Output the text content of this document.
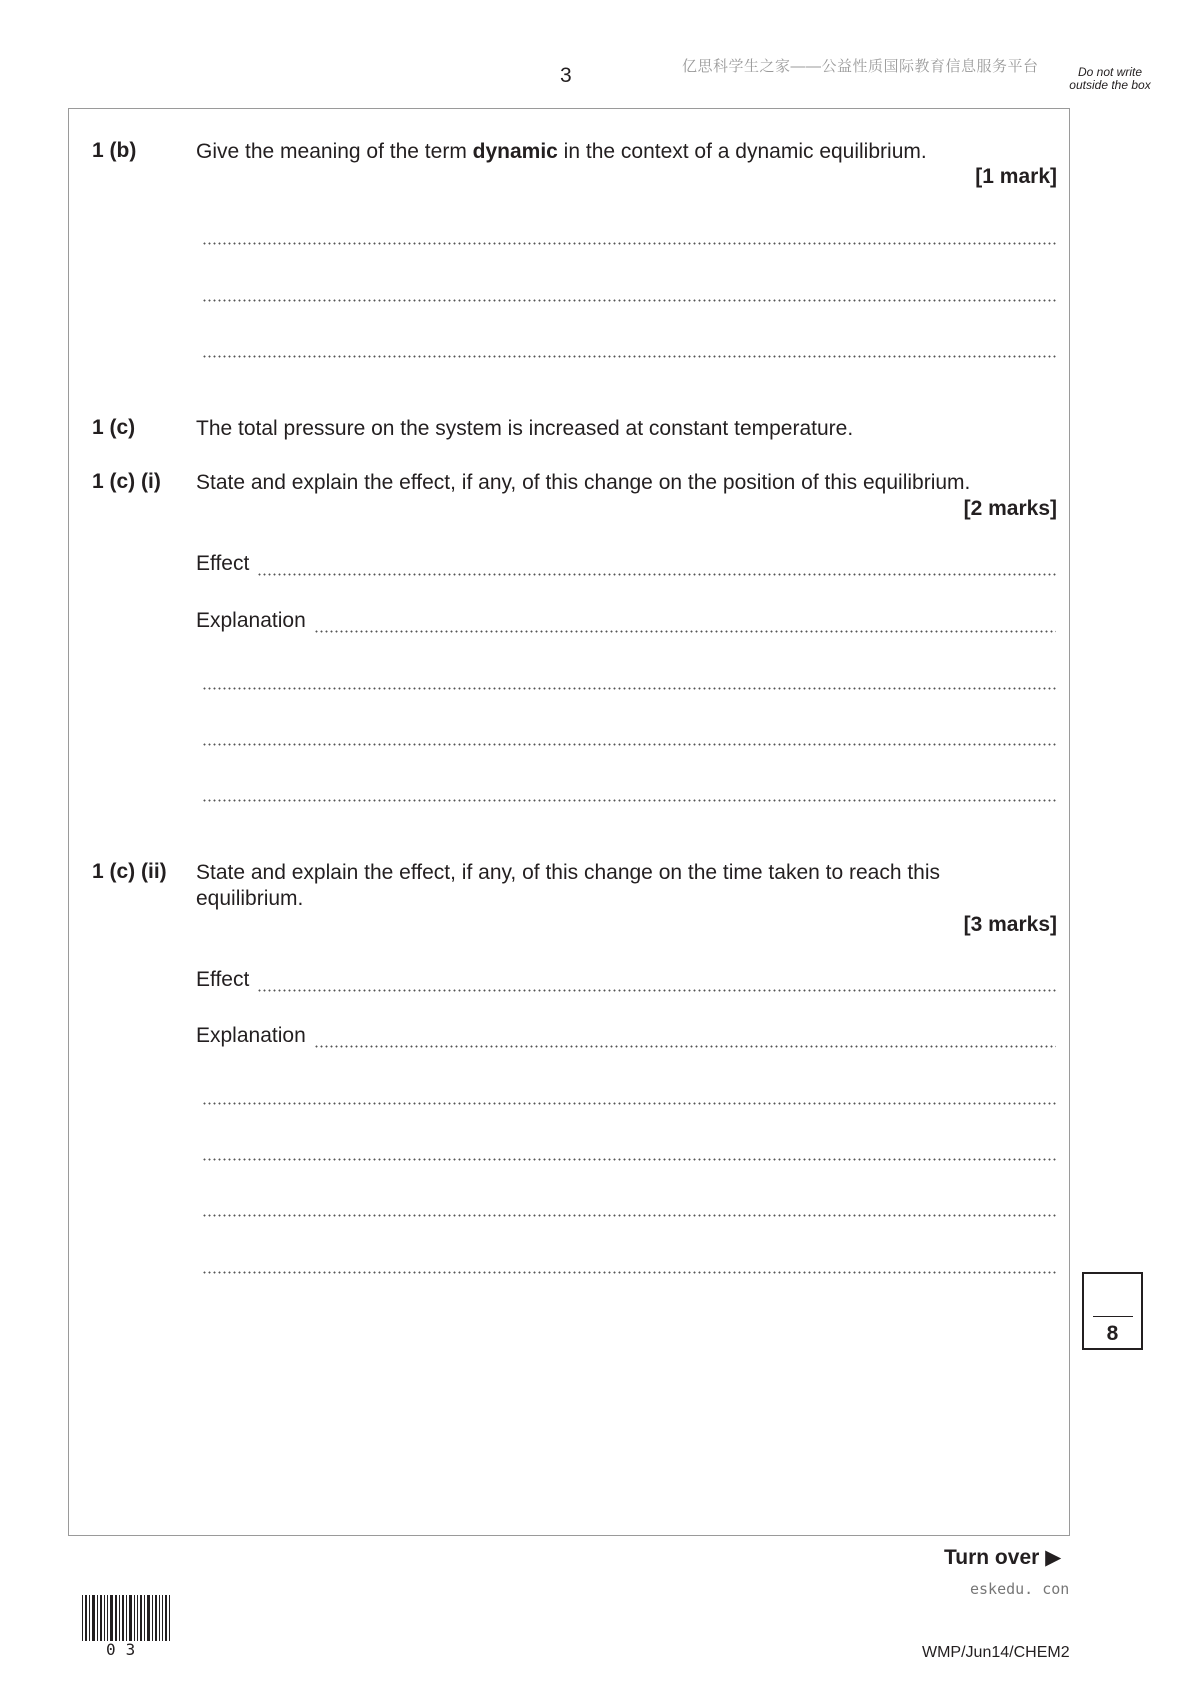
3	亿思科学生之家——公益性质国际教育信息服务平台	Do not write outside the box
1 (b)	Give the meaning of the term dynamic in the context of a dynamic equilibrium.
[1 mark]
1 (c)	The total pressure on the system is increased at constant temperature.
1 (c) (i) State and explain the effect, if any, of this change on the position of this equilibrium.
[2 marks]
Effect
Explanation
1 (c) (ii) State and explain the effect, if any, of this change on the time taken to reach this equilibrium.
[3 marks]
Effect
Explanation
8
Turn over ▶
eskedu. con
03	WMP/Jun14/CHEM2
